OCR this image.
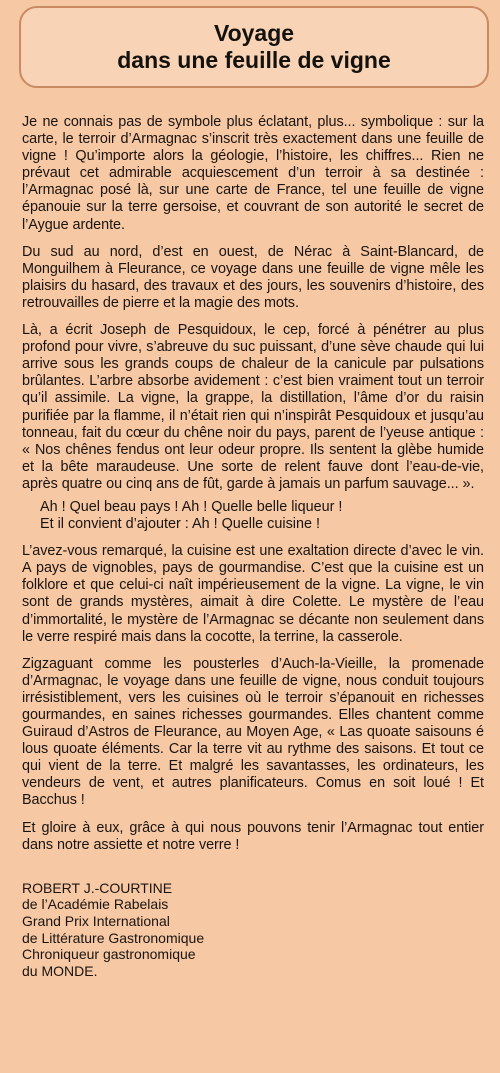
Voyage
dans une feuille de vigne

Je ne connais pas de symbole plus éclatant, plus... symbolique : sur la carte, le terroir d’Armagnac s’inscrit très exactement dans une feuille de vigne ! Qu’importe alors la géologie, l’histoire, les chiffres... Rien ne prévaut cet admirable acquiescement d’un terroir à sa destinée : l’Armagnac posé là, sur une carte de France, tel une feuille de vigne épanouie sur la terre gersoise, et couvrant de son autorité le secret de l’Aygue ardente.

Du sud au nord, d’est en ouest, de Nérac à Saint-Blancard, de Monguilhem à Fleurance, ce voyage dans une feuille de vigne mêle les plaisirs du hasard, des travaux et des jours, les souvenirs d’histoire, des retrouvailles de pierre et la magie des mots.

Là, a écrit Joseph de Pesquidoux, le cep, forcé à pénétrer au plus profond pour vivre, s’abreuve du suc puissant, d’une sève chaude qui lui arrive sous les grands coups de chaleur de la canicule par pulsations brûlantes. L’arbre absorbe avidement : c’est bien vraiment tout un terroir qu’il assimile. La vigne, la grappe, la distillation, l’âme d’or du raisin purifiée par la flamme, il n’était rien qui n’inspirât Pesquidoux et jusqu’au tonneau, fait du cœur du chêne noir du pays, parent de l’yeuse antique : « Nos chênes fendus ont leur odeur propre. Ils sentent la glèbe humide et la bête maraudeuse. Une sorte de relent fauve dont l’eau-de-vie, après quatre ou cinq ans de fût, garde à jamais un parfum sauvage... ».

Ah ! Quel beau pays ! Ah ! Quelle belle liqueur !
Et il convient d’ajouter : Ah ! Quelle cuisine !

L’avez-vous remarqué, la cuisine est une exaltation directe d’avec le vin. A pays de vignobles, pays de gourmandise. C’est que la cuisine est un folklore et que celui-ci naît impérieusement de la vigne. La vigne, le vin sont de grands mystères, aimait à dire Colette. Le mystère de l’eau d’immortalité, le mystère de l’Armagnac se décante non seulement dans le verre respiré mais dans la cocotte, la terrine, la casserole.

Zigzaguant comme les pousterles d’Auch-la-Vieille, la promenade d’Armagnac, le voyage dans une feuille de vigne, nous conduit toujours irrésistiblement, vers les cuisines où le terroir s’épanouit en richesses gourmandes, en saines richesses gourmandes. Elles chantent comme Guiraud d’Astros de Fleurance, au Moyen Age, « Las quoate saisouns é lous quoate éléments. Car la terre vit au rythme des saisons. Et tout ce qui vient de la terre. Et malgré les savantasses, les ordinateurs, les vendeurs de vent, et autres planificateurs. Comus en soit loué ! Et Bacchus !

Et gloire à eux, grâce à qui nous pouvons tenir l’Armagnac tout entier dans notre assiette et notre verre !

ROBERT J.-COURTINE
de l’Académie Rabelais
Grand Prix International
de Littérature Gastronomique
Chroniqueur gastronomique
du MONDE.
